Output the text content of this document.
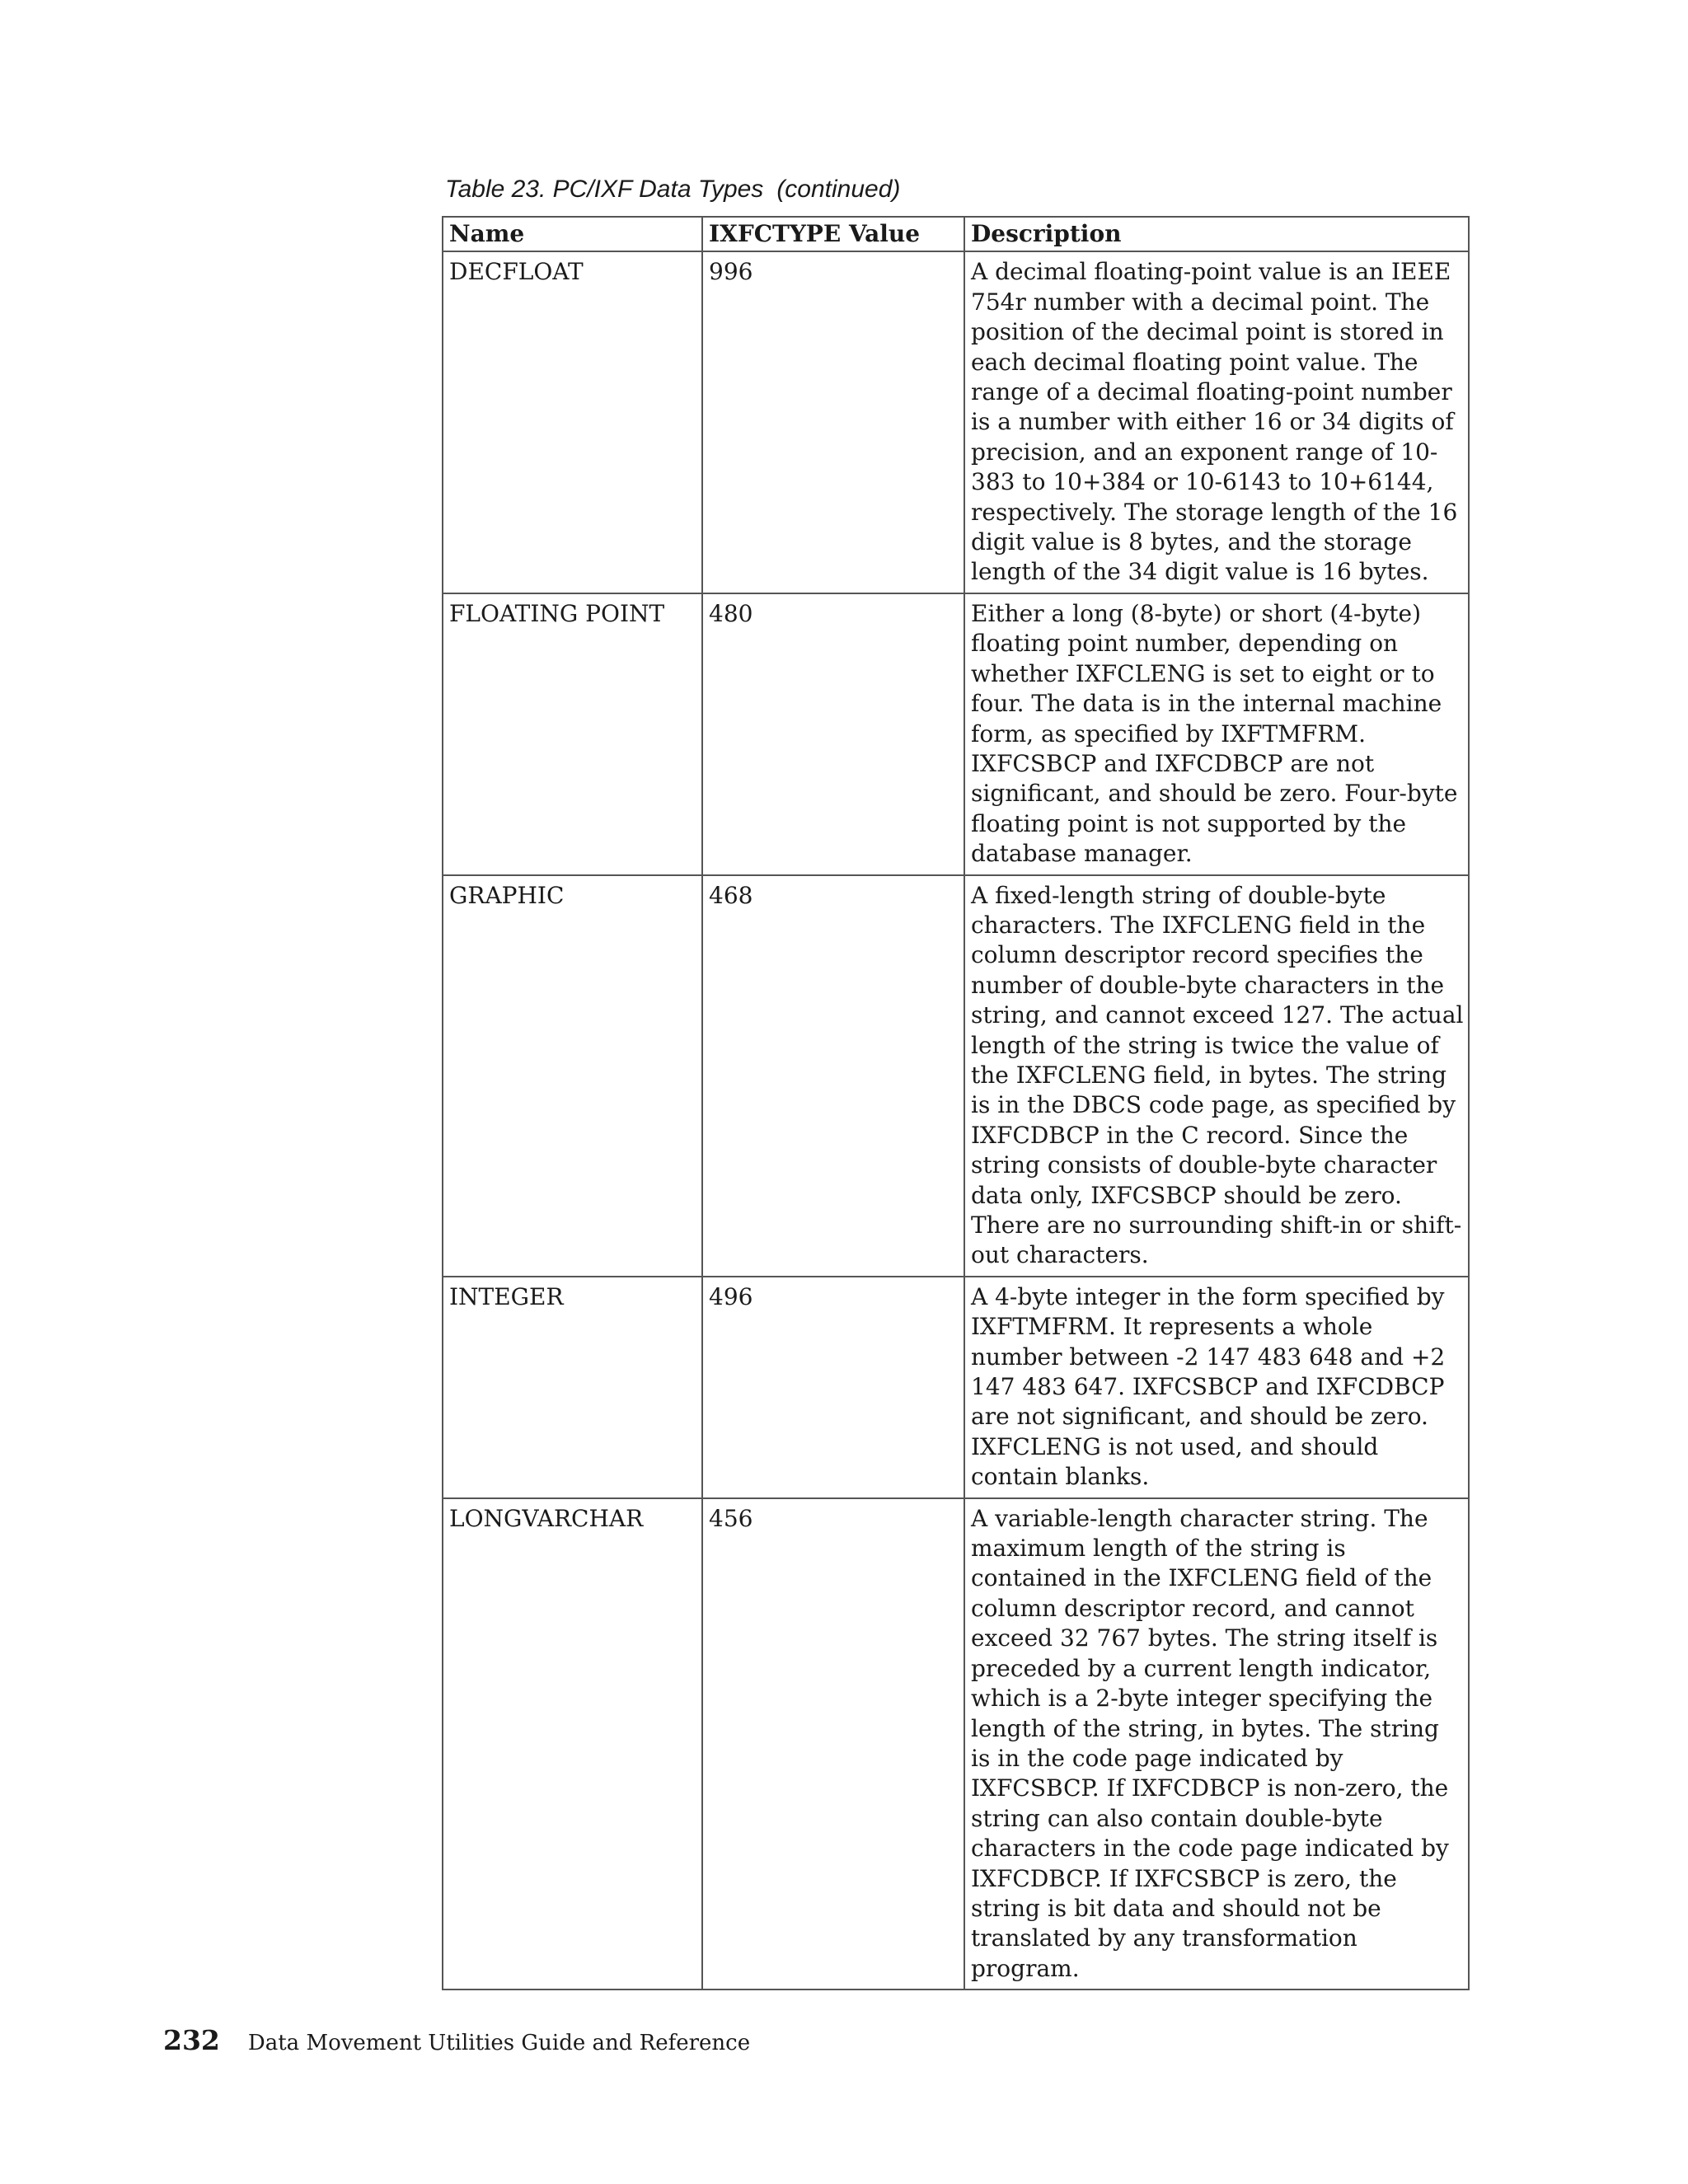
Table 23. PC/IXF Data Types (continued)
Name	IXFCTYPE Value	Description
DECFLOAT	996	A decimal floating-point value is an IEEE 754r number with a decimal point. The position of the decimal point is stored in each decimal floating point value. The range of a decimal floating-point number is a number with either 16 or 34 digits of precision, and an exponent range of 10-383 to 10+384 or 10-6143 to 10+6144, respectively. The storage length of the 16 digit value is 8 bytes, and the storage length of the 34 digit value is 16 bytes.
FLOATING POINT	480	Either a long (8-byte) or short (4-byte) floating point number, depending on whether IXFCLENG is set to eight or to four. The data is in the internal machine form, as specified by IXFTMFRM. IXFCSBCP and IXFCDBCP are not significant, and should be zero. Four-byte floating point is not supported by the database manager.
GRAPHIC	468	A fixed-length string of double-byte characters. The IXFCLENG field in the column descriptor record specifies the number of double-byte characters in the string, and cannot exceed 127. The actual length of the string is twice the value of the IXFCLENG field, in bytes. The string is in the DBCS code page, as specified by IXFCDBCP in the C record. Since the string consists of double-byte character data only, IXFCSBCP should be zero. There are no surrounding shift-in or shift-out characters.
INTEGER	496	A 4-byte integer in the form specified by IXFTMFRM. It represents a whole number between -2 147 483 648 and +2 147 483 647. IXFCSBCP and IXFCDBCP are not significant, and should be zero. IXFCLENG is not used, and should contain blanks.
LONGVARCHAR	456	A variable-length character string. The maximum length of the string is contained in the IXFCLENG field of the column descriptor record, and cannot exceed 32 767 bytes. The string itself is preceded by a current length indicator, which is a 2-byte integer specifying the length of the string, in bytes. The string is in the code page indicated by IXFCSBCP. If IXFCDBCP is non-zero, the string can also contain double-byte characters in the code page indicated by IXFCDBCP. If IXFCSBCP is zero, the string is bit data and should not be translated by any transformation program.
232 Data Movement Utilities Guide and Reference
